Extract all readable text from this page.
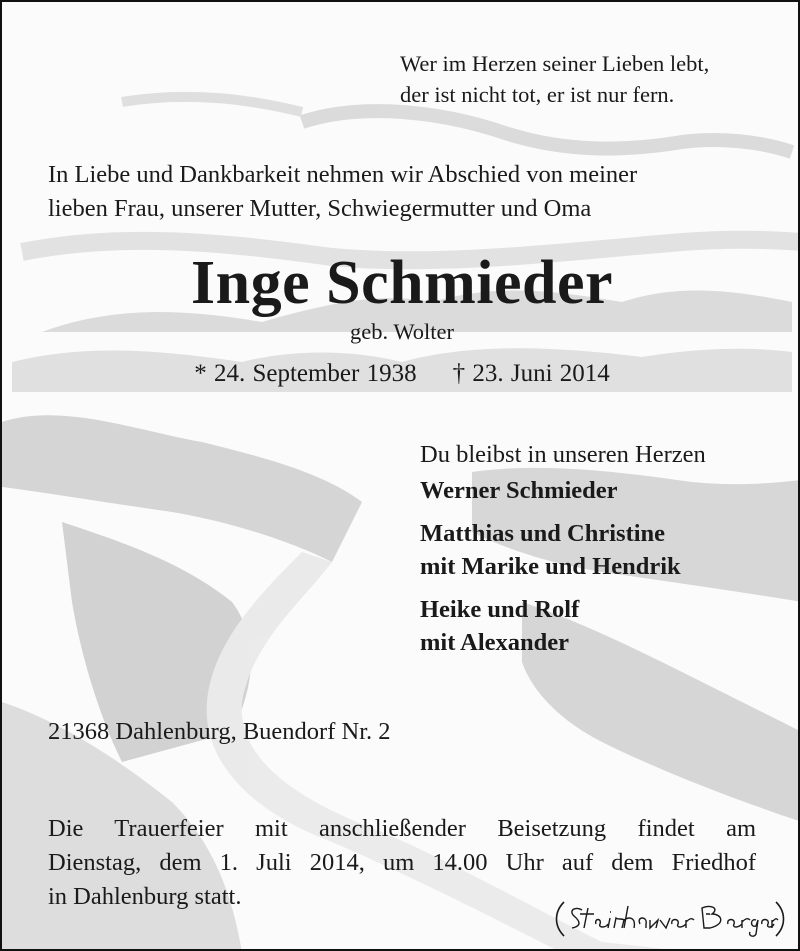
Wer im Herzen seiner Lieben lebt,
der ist nicht tot, er ist nur fern.
In Liebe und Dankbarkeit nehmen wir Abschied von meiner
lieben Frau, unserer Mutter, Schwiegermutter und Oma
Inge Schmieder
geb. Wolter
* 24. September 1938 † 23. Juni 2014
Du bleibst in unseren Herzen
Werner Schmieder
Matthias und Christine
mit Marike und Hendrik
Heike und Rolf
mit Alexander
21368 Dahlenburg, Buendorf Nr. 2
Die Trauerfeier mit anschließender Beisetzung findet am
Dienstag, dem 1. Juli 2014, um 14.00 Uhr auf dem Friedhof
in Dahlenburg statt.
